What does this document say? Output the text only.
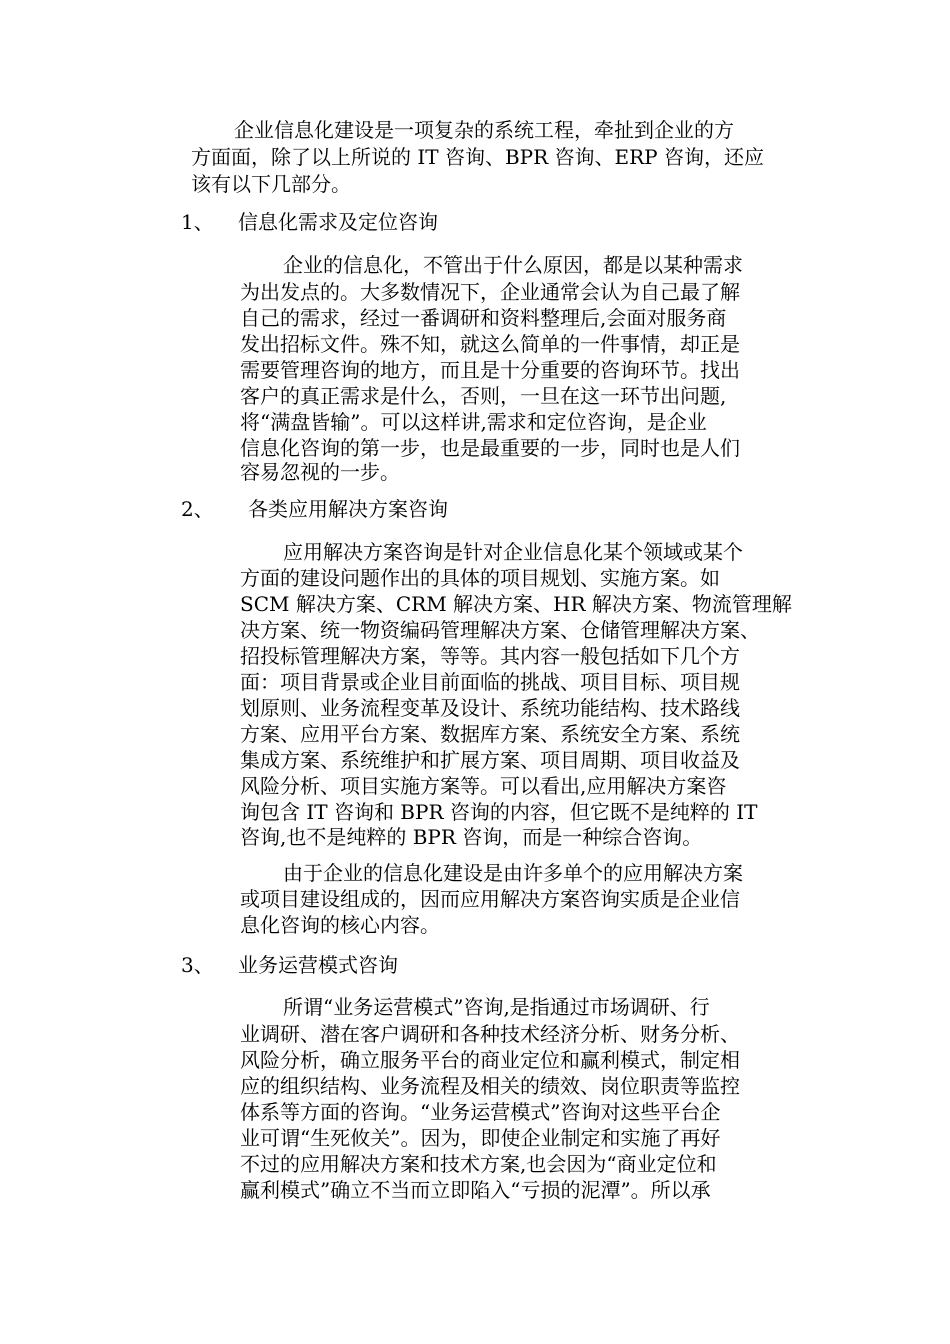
企业信息化建设是一项复杂的系统工程，牵扯到企业的方
方面面，除了以上所说的 IT 咨询、BPR 咨询、ERP 咨询，还应
该有以下几部分。
1、 信息化需求及定位咨询
企业的信息化，不管出于什么原因，都是以某种需求
为出发点的。大多数情况下，企业通常会认为自己最了解
自己的需求，经过一番调研和资料整理后,会面对服务商
发出招标文件。殊不知，就这么简单的一件事情，却正是
需要管理咨询的地方，而且是十分重要的咨询环节。找出
客户的真正需求是什么，否则，一旦在这一环节出问题,
将“满盘皆输”。可以这样讲,需求和定位咨询，是企业
信息化咨询的第一步，也是最重要的一步，同时也是人们
容易忽视的一步。
2、 各类应用解决方案咨询
应用解决方案咨询是针对企业信息化某个领域或某个
方面的建设问题作出的具体的项目规划、实施方案。如
SCM 解决方案、CRM 解决方案、HR 解决方案、物流管理解
决方案、统一物资编码管理解决方案、仓储管理解决方案、
招投标管理解决方案，等等。其内容一般包括如下几个方
面：项目背景或企业目前面临的挑战、项目目标、项目规
划原则、业务流程变革及设计、系统功能结构、技术路线
方案、应用平台方案、数据库方案、系统安全方案、系统
集成方案、系统维护和扩展方案、项目周期、项目收益及
风险分析、项目实施方案等。可以看出,应用解决方案咨
询包含 IT 咨询和 BPR 咨询的内容，但它既不是纯粹的 IT
咨询,也不是纯粹的 BPR 咨询，而是一种综合咨询。
由于企业的信息化建设是由许多单个的应用解决方案
或项目建设组成的，因而应用解决方案咨询实质是企业信
息化咨询的核心内容。
3、 业务运营模式咨询
所谓“业务运营模式”咨询,是指通过市场调研、行
业调研、潜在客户调研和各种技术经济分析、财务分析、
风险分析，确立服务平台的商业定位和赢利模式，制定相
应的组织结构、业务流程及相关的绩效、岗位职责等监控
体系等方面的咨询。“业务运营模式”咨询对这些平台企
业可谓“生死攸关”。因为，即使企业制定和实施了再好
不过的应用解决方案和技术方案,也会因为“商业定位和
赢利模式”确立不当而立即陷入“亏损的泥潭”。所以承
